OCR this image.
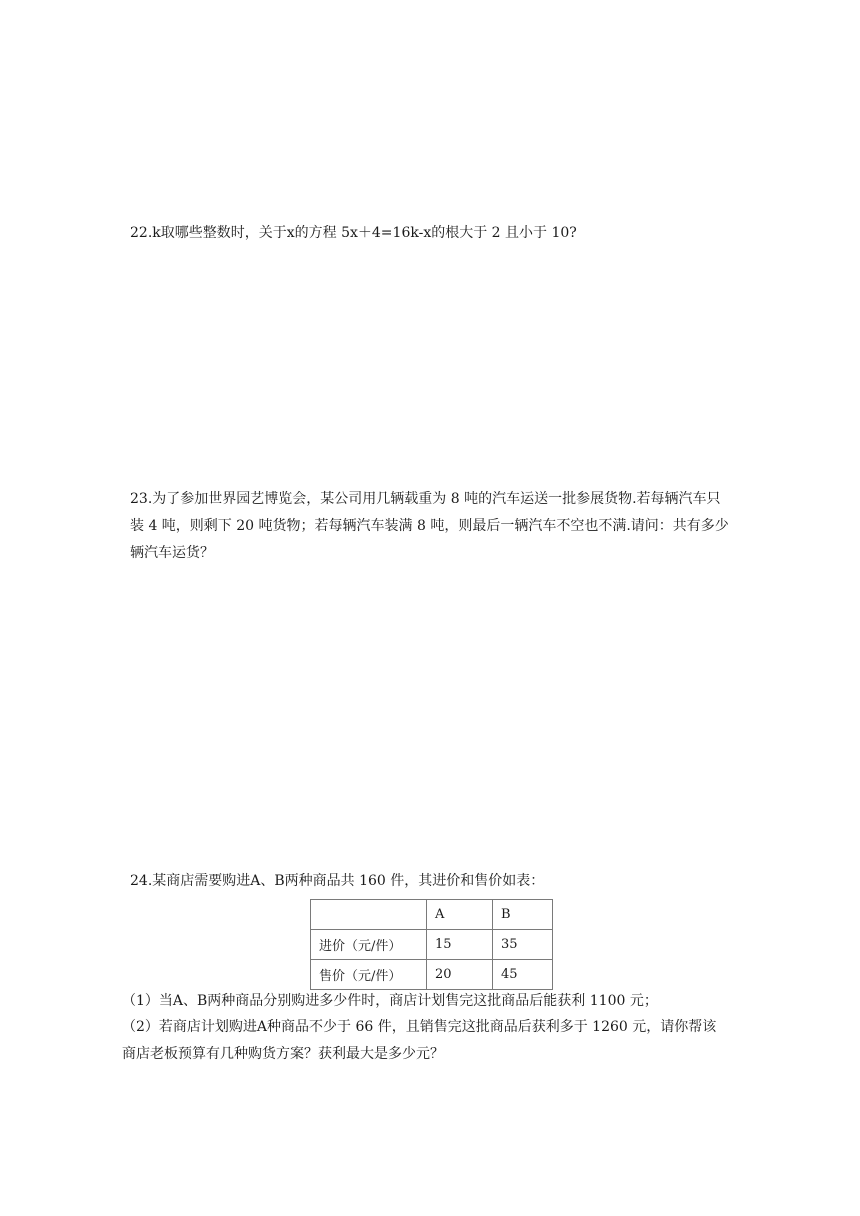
22.k取哪些整数时，关于x的方程 5x＋4=16k-x的根大于 2 且小于 10?
23.为了参加世界园艺博览会，某公司用几辆载重为 8 吨的汽车运送一批参展货物.若每辆汽车只装 4 吨，则剩下 20 吨货物；若每辆汽车装满 8 吨，则最后一辆汽车不空也不满.请问：共有多少辆汽车运货？
24.某商店需要购进A、B两种商品共 160 件，其进价和售价如表：
	A	B
进价（元/件）	15	35
售价（元/件）	20	45
（1）当A、B两种商品分别购进多少件时，商店计划售完这批商品后能获利 1100 元；
（2）若商店计划购进A种商品不少于 66 件，且销售完这批商品后获利多于 1260 元，请你帮该商店老板预算有几种购货方案？获利最大是多少元？
